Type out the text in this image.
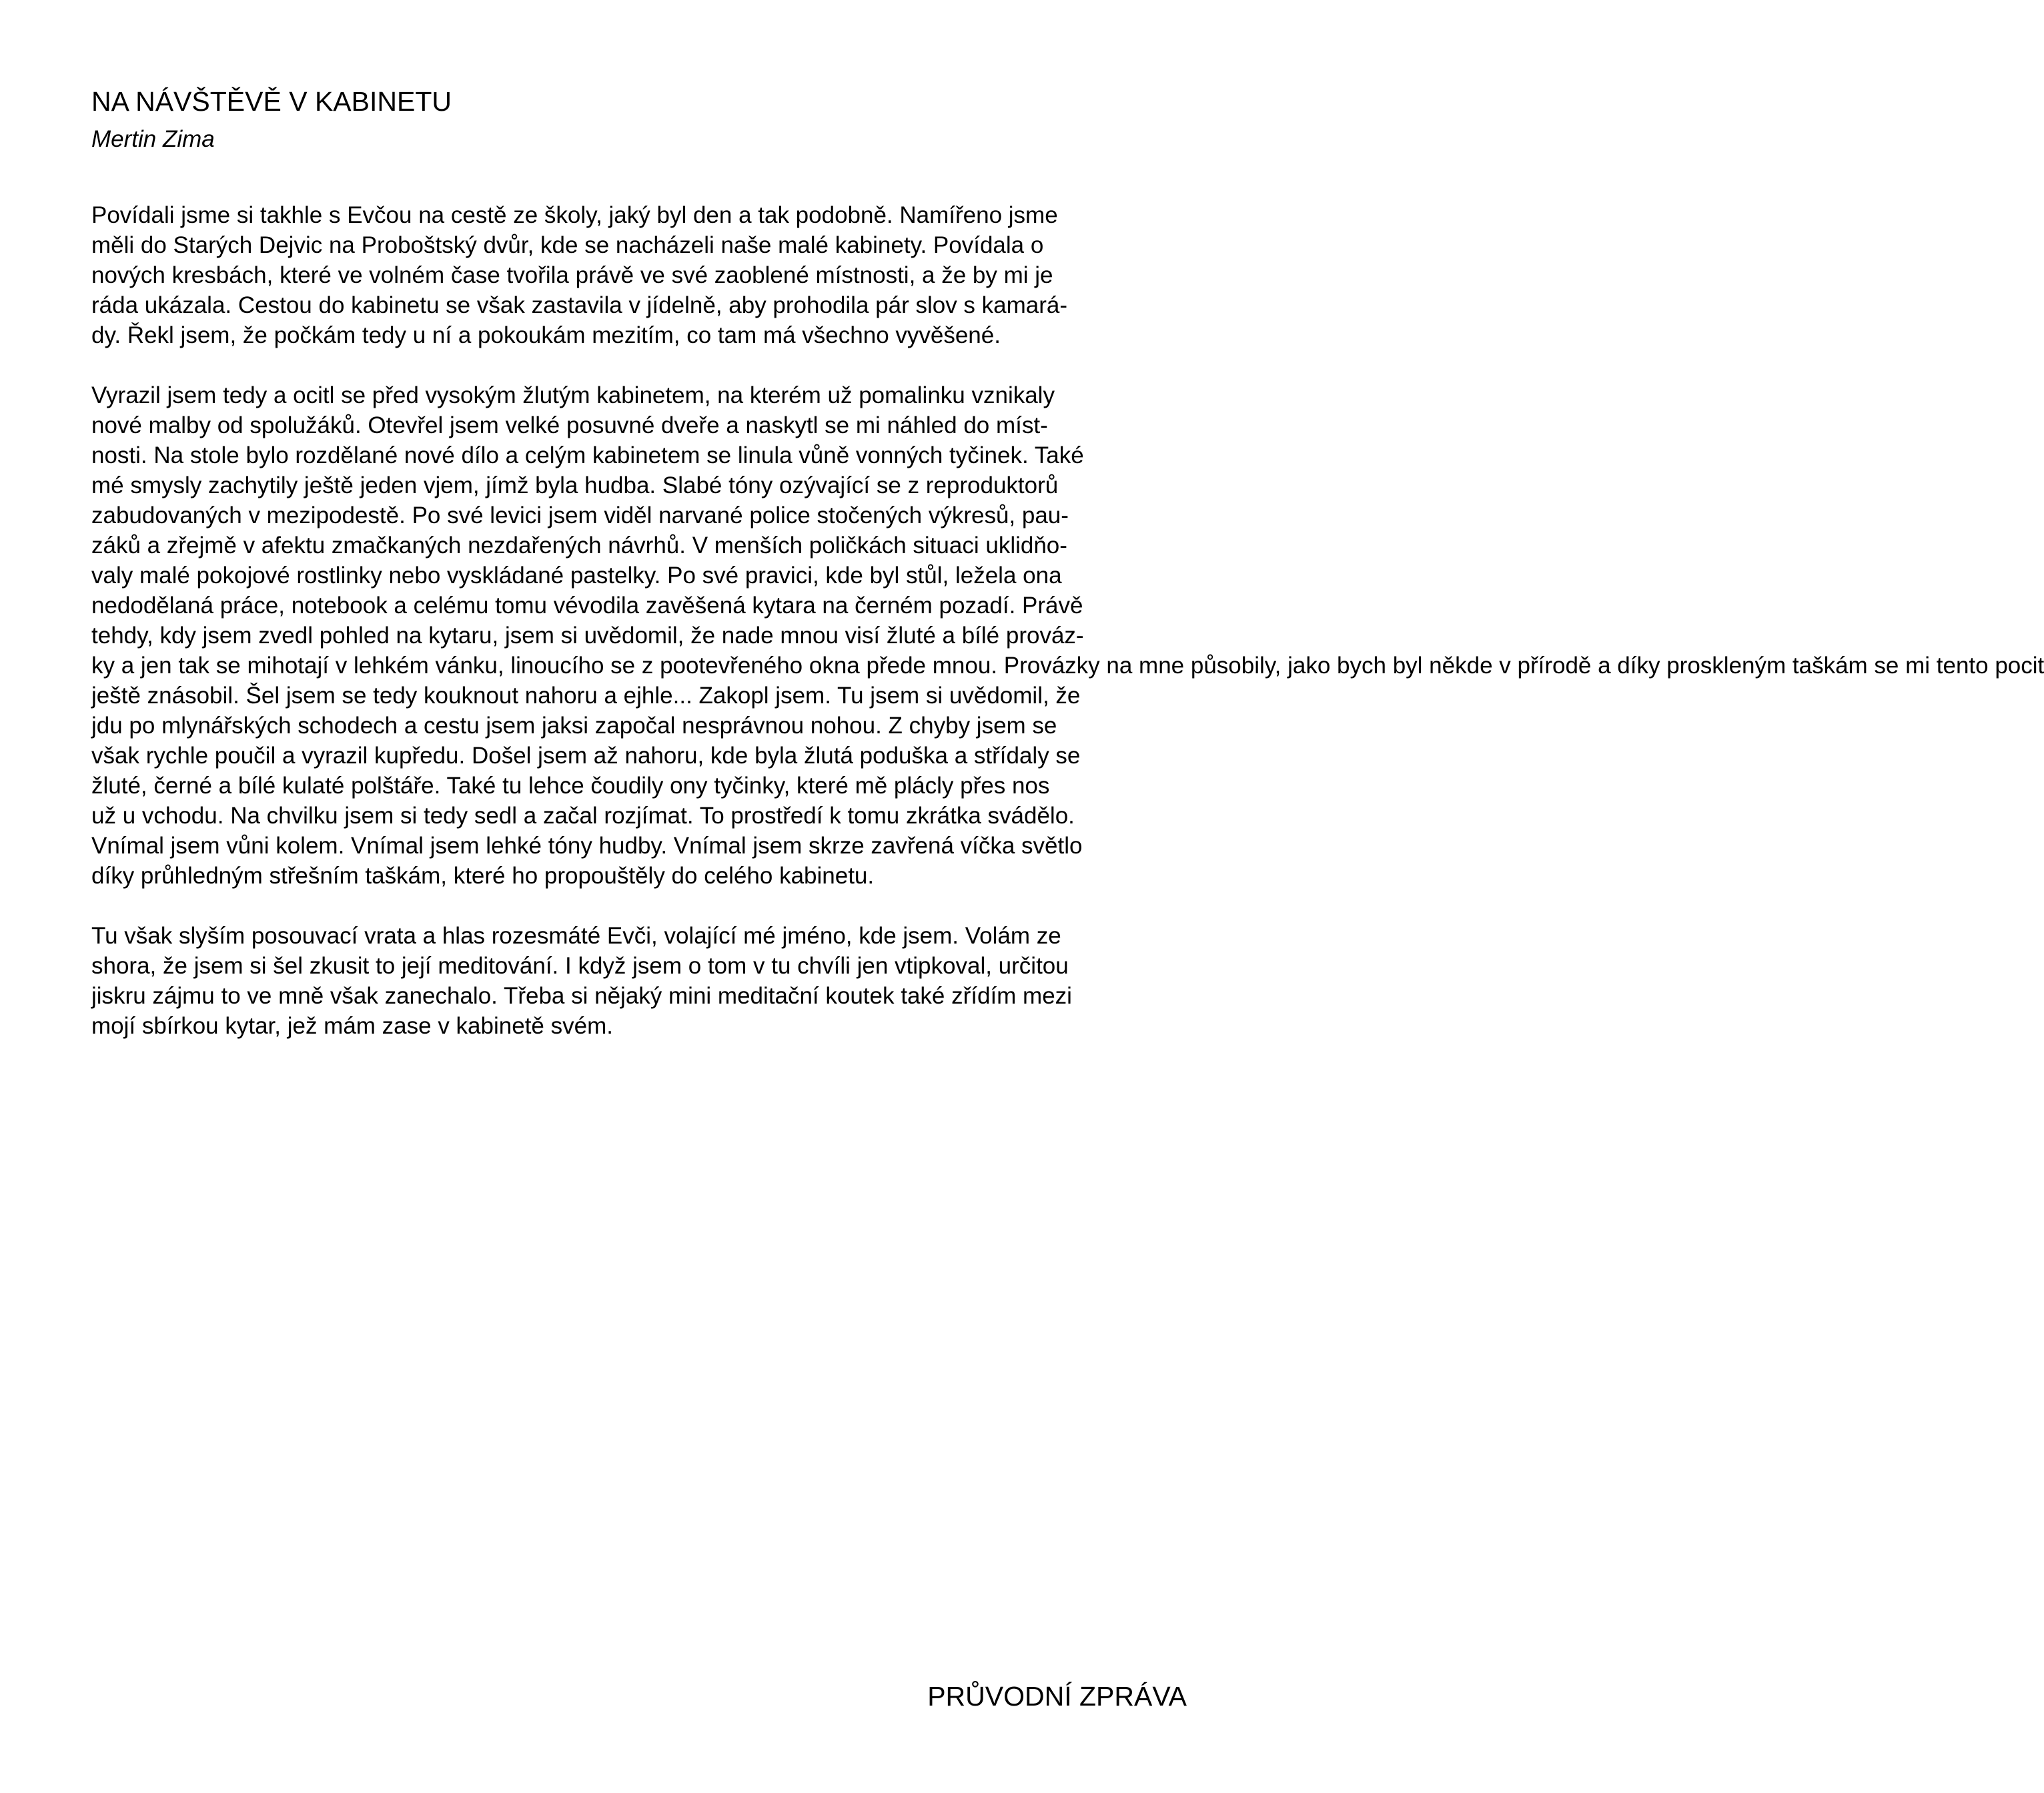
NA NÁVŠTĚVĚ V KABINETU

Mertin Zima

Povídali jsme si takhle s Evčou na cestě ze školy, jaký byl den a tak podobně. Namířeno jsme
měli do Starých Dejvic na Proboštský dvůr, kde se nacházeli naše malé kabinety. Povídala o
nových kresbách, které ve volném čase tvořila právě ve své zaoblené místnosti, a že by mi je
ráda ukázala. Cestou do kabinetu se však zastavila v jídelně, aby prohodila pár slov s kamará-
dy. Řekl jsem, že počkám tedy u ní a pokoukám mezitím, co tam má všechno vyvěšené.

Vyrazil jsem tedy a ocitl se před vysokým žlutým kabinetem, na kterém už pomalinku vznikaly
nové malby od spolužáků. Otevřel jsem velké posuvné dveře a naskytl se mi náhled do míst-
nosti. Na stole bylo rozdělané nové dílo a celým kabinetem se linula vůně vonných tyčinek. Také
mé smysly zachytily ještě jeden vjem, jímž byla hudba. Slabé tóny ozývající se z reproduktorů
zabudovaných v mezipodestě. Po své levici jsem viděl narvané police stočených výkresů, pau-
záků a zřejmě v afektu zmačkaných nezdařených návrhů. V menších poličkách situaci uklidňo-
valy malé pokojové rostlinky nebo vyskládané pastelky. Po své pravici, kde byl stůl, ležela ona
nedodělaná práce, notebook a celému tomu vévodila zavěšená kytara na černém pozadí. Právě
tehdy, kdy jsem zvedl pohled na kytaru, jsem si uvědomil, že nade mnou visí žluté a bílé prováz-
ky a jen tak se mihotají v lehkém vánku, linoucího se z pootevřeného okna přede mnou. Provázky na mne působily, jako bych byl někde v přírodě a díky proskleným taškám se mi tento pocit
ještě znásobil. Šel jsem se tedy kouknout nahoru a ejhle... Zakopl jsem. Tu jsem si uvědomil, že
jdu po mlynářských schodech a cestu jsem jaksi započal nesprávnou nohou. Z chyby jsem se
však rychle poučil a vyrazil kupředu. Došel jsem až nahoru, kde byla žlutá poduška a střídaly se
žluté, černé a bílé kulaté polštáře. Také tu lehce čoudily ony tyčinky, které mě plácly přes nos
už u vchodu. Na chvilku jsem si tedy sedl a začal rozjímat. To prostředí k tomu zkrátka svádělo.
Vnímal jsem vůni kolem. Vnímal jsem lehké tóny hudby. Vnímal jsem skrze zavřená víčka světlo
díky průhledným střešním taškám, které ho propouštěly do celého kabinetu.

Tu však slyším posouvací vrata a hlas rozesmáté Evči, volající mé jméno, kde jsem. Volám ze
shora, že jsem si šel zkusit to její meditování. I když jsem o tom v tu chvíli jen vtipkoval, určitou
jiskru zájmu to ve mně však zanechalo. Třeba si nějaký mini meditační koutek také zřídím mezi
mojí sbírkou kytar, jež mám zase v kabinetě svém.

PRŮVODNÍ ZPRÁVA
